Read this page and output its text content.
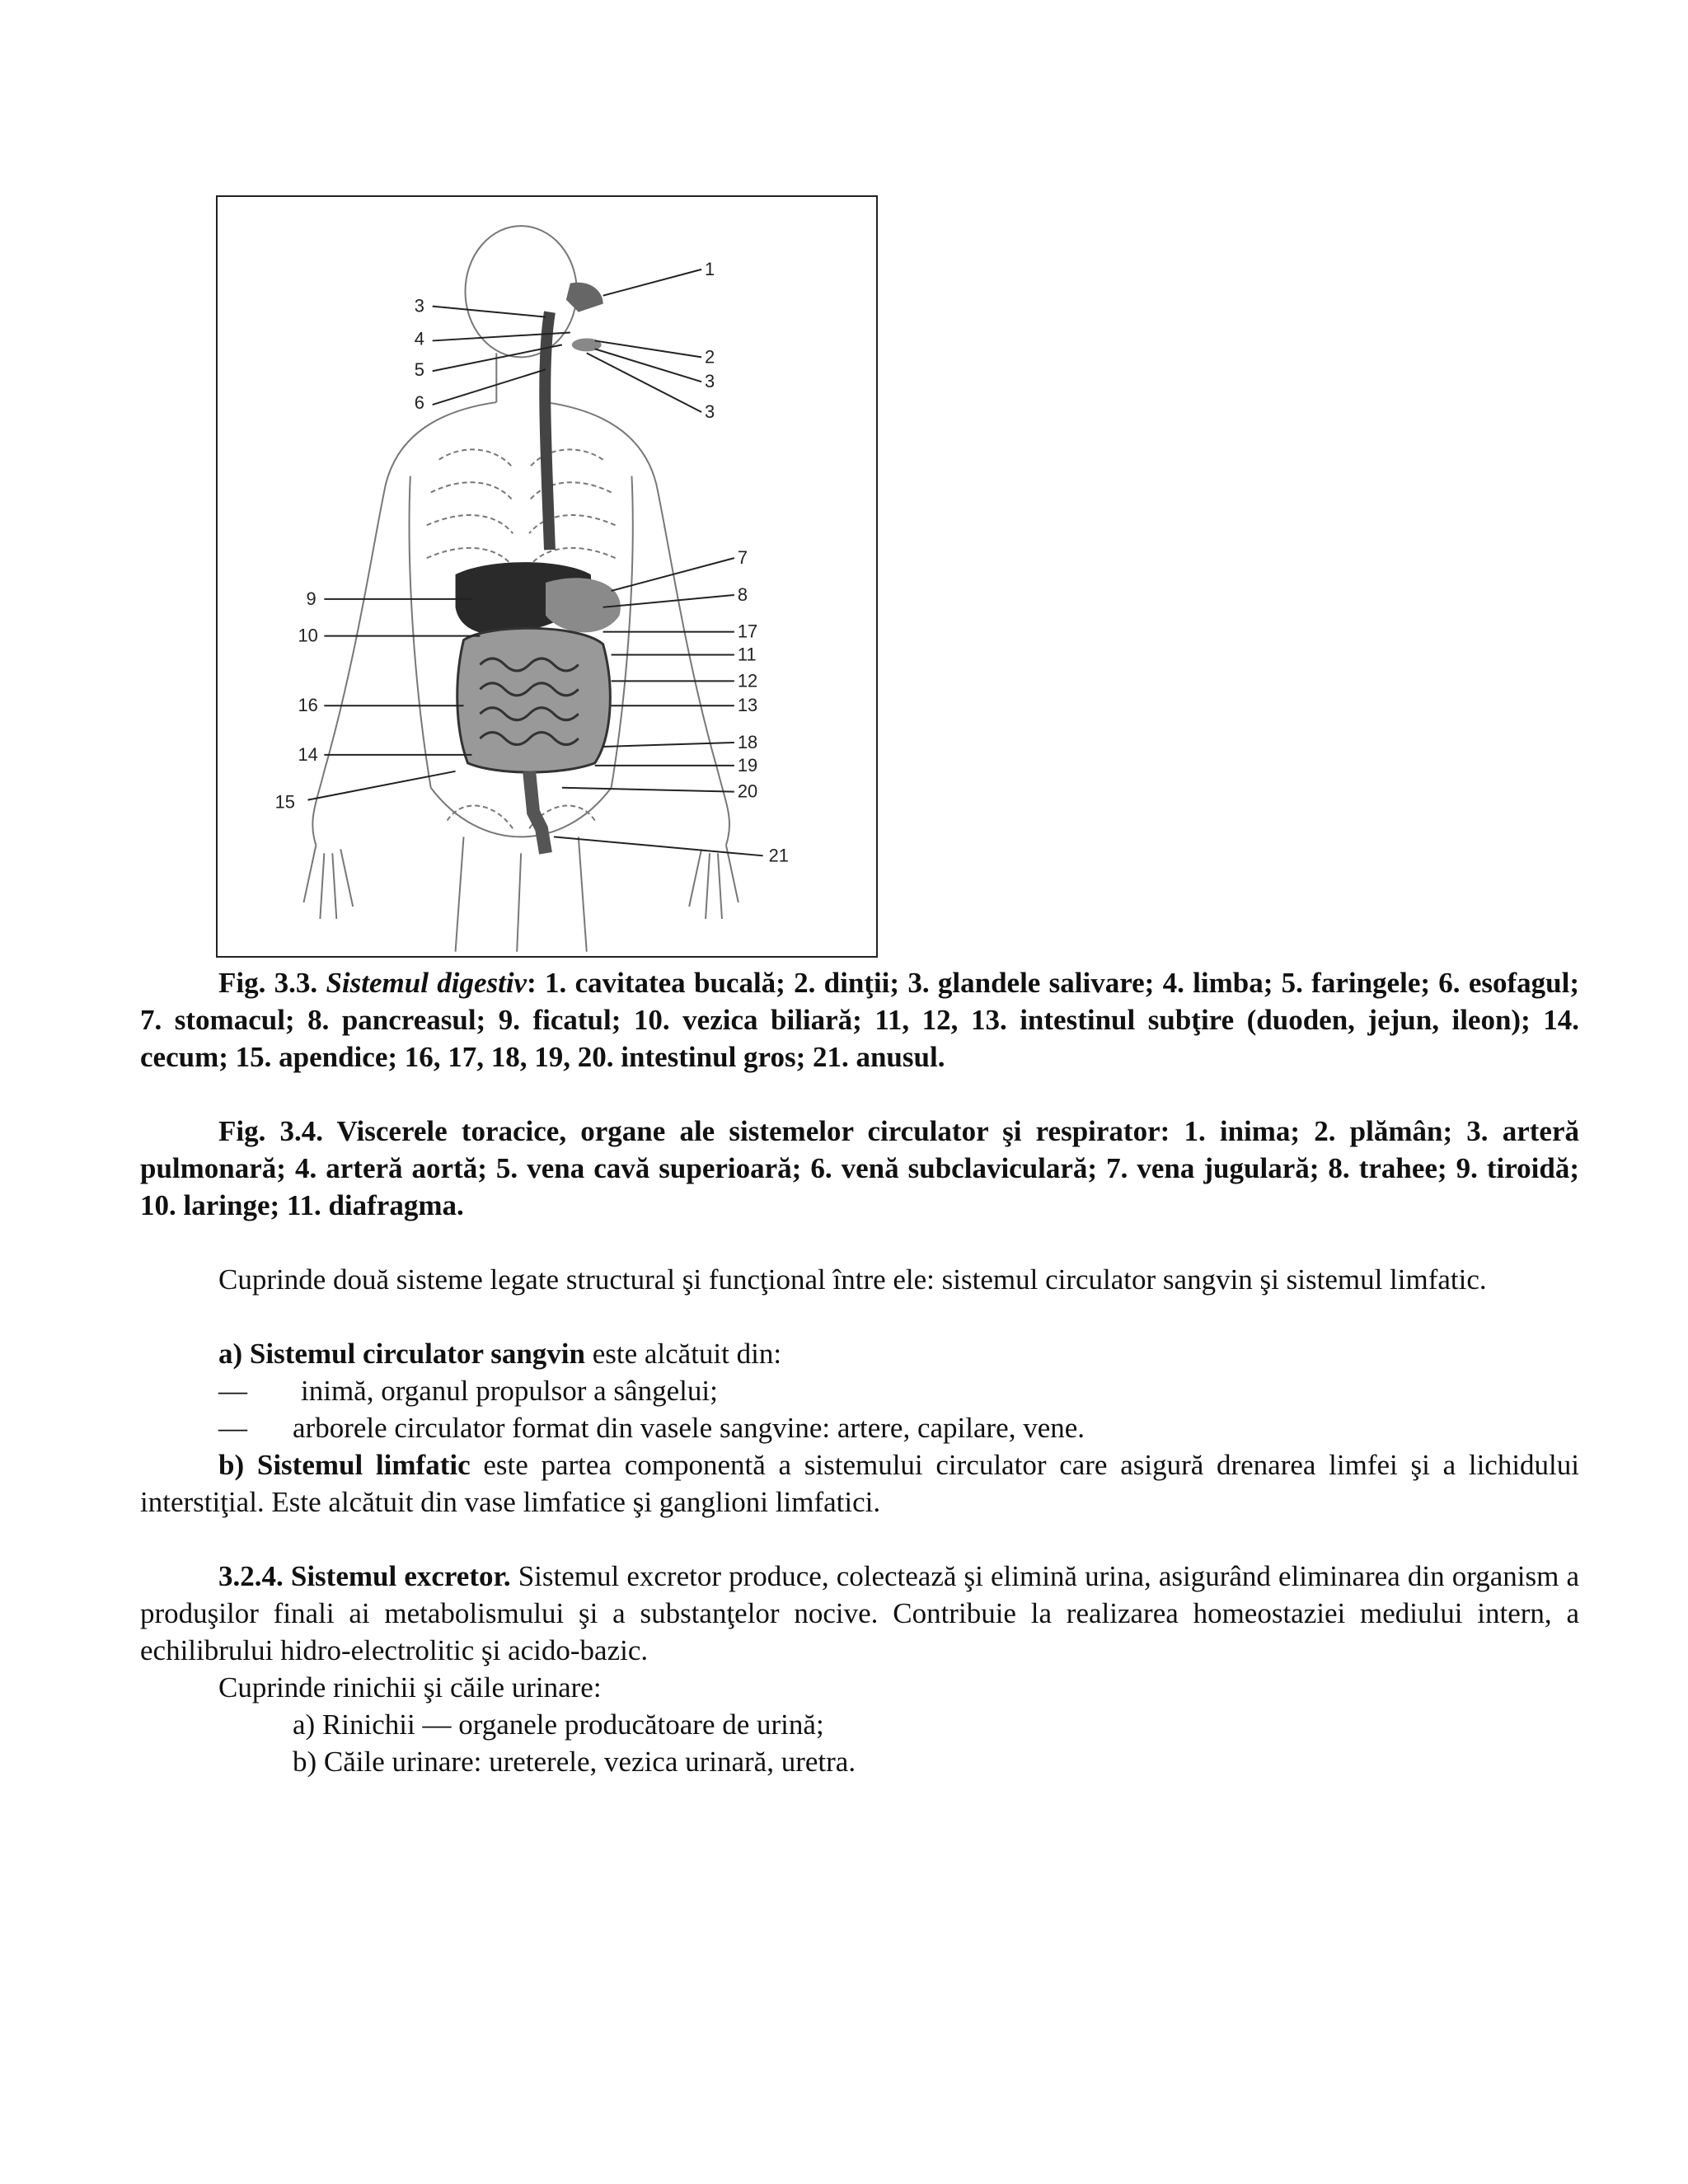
3
4
5
6
9
10
16
14
15
1
2
3
3
7
8
17
11
12
13
18
19
20
21

Fig. 3.3. Sistemul digestiv: 1. cavitatea bucală; 2. dinţii; 3. glandele salivare; 4. limba; 5. faringele; 6. esofagul; 7. stomacul; 8. pancreasul; 9. ficatul; 10. vezica biliară; 11, 12, 13. intestinul subţire (duoden, jejun, ileon); 14. cecum; 15. apendice; 16, 17, 18, 19, 20. intestinul gros; 21. anusul.

Fig. 3.4. Viscerele toracice, organe ale sistemelor circulator şi respirator: 1. inima; 2. plămân; 3. arteră pulmonară; 4. arteră aortă; 5. vena cavă superioară; 6. venă subclaviculară; 7. vena jugulară; 8. trahee; 9. tiroidă; 10. laringe; 11. diafragma.

Cuprinde două sisteme legate structural şi funcţional între ele: sistemul circulator sangvin şi sistemul limfatic.

a) Sistemul circulator sangvin este alcătuit din:

— inimă, organul propulsor a sângelui;

— arborele circulator format din vasele sangvine: artere, capilare, vene.

b) Sistemul limfatic este partea componentă a sistemului circulator care asigură drenarea limfei şi a lichidului interstiţial. Este alcătuit din vase limfatice şi ganglioni limfatici.

3.2.4. Sistemul excretor. Sistemul excretor produce, colectează şi elimină urina, asigurând eliminarea din organism a produşilor finali ai metabolismului şi a substanţelor nocive. Contribuie la realizarea homeostaziei mediului intern, a echilibrului hidro-electrolitic şi acido-bazic.

Cuprinde rinichii şi căile urinare:

a) Rinichii — organele producătoare de urină;

b) Căile urinare: ureterele, vezica urinară, uretra.
